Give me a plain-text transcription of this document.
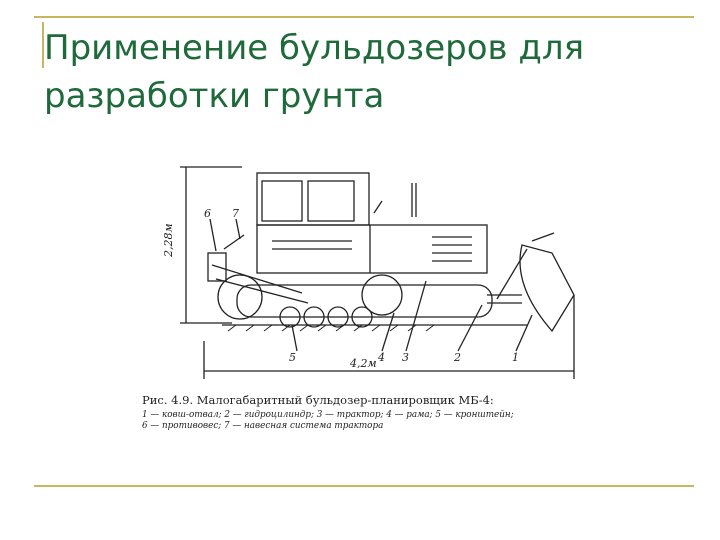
Применение бульдозеров для
разработки грунта
2,28м
4,2м
6 7
5	4 3	2	1
Рис. 4.9. Малогабаритный бульдозер-планировщик МБ-4:
1 — ковш-отвал; 2 — гидроцилиндр; 3 — трактор; 4 — рама; 5 — кронштейн;
6 — противовес; 7 — навесная система трактора
